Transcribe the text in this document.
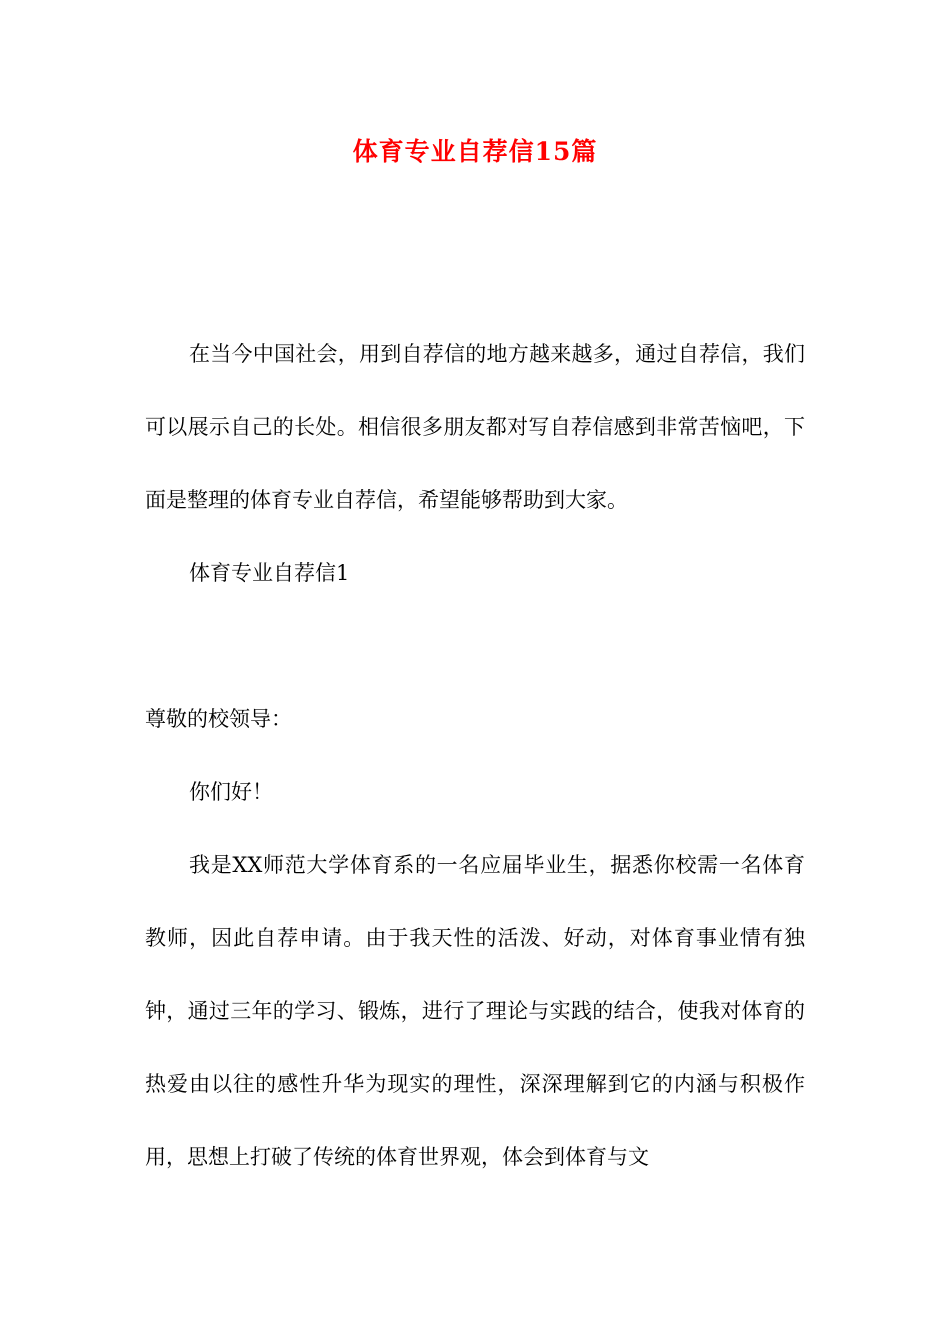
体育专业自荐信15篇

在当今中国社会，用到自荐信的地方越来越多，通过自荐信，我们可以展示自己的长处。相信很多朋友都对写自荐信感到非常苦恼吧，下面是整理的体育专业自荐信，希望能够帮助到大家。

体育专业自荐信1

尊敬的校领导：

你们好！

我是XX师范大学体育系的一名应届毕业生，据悉你校需一名体育教师，因此自荐申请。由于我天性的活泼、好动，对体育事业情有独钟，通过三年的学习、锻炼，进行了理论与实践的结合，使我对体育的热爱由以往的感性升华为现实的理性，深深理解到它的内涵与积极作用，思想上打破了传统的体育世界观，体会到体育与文
